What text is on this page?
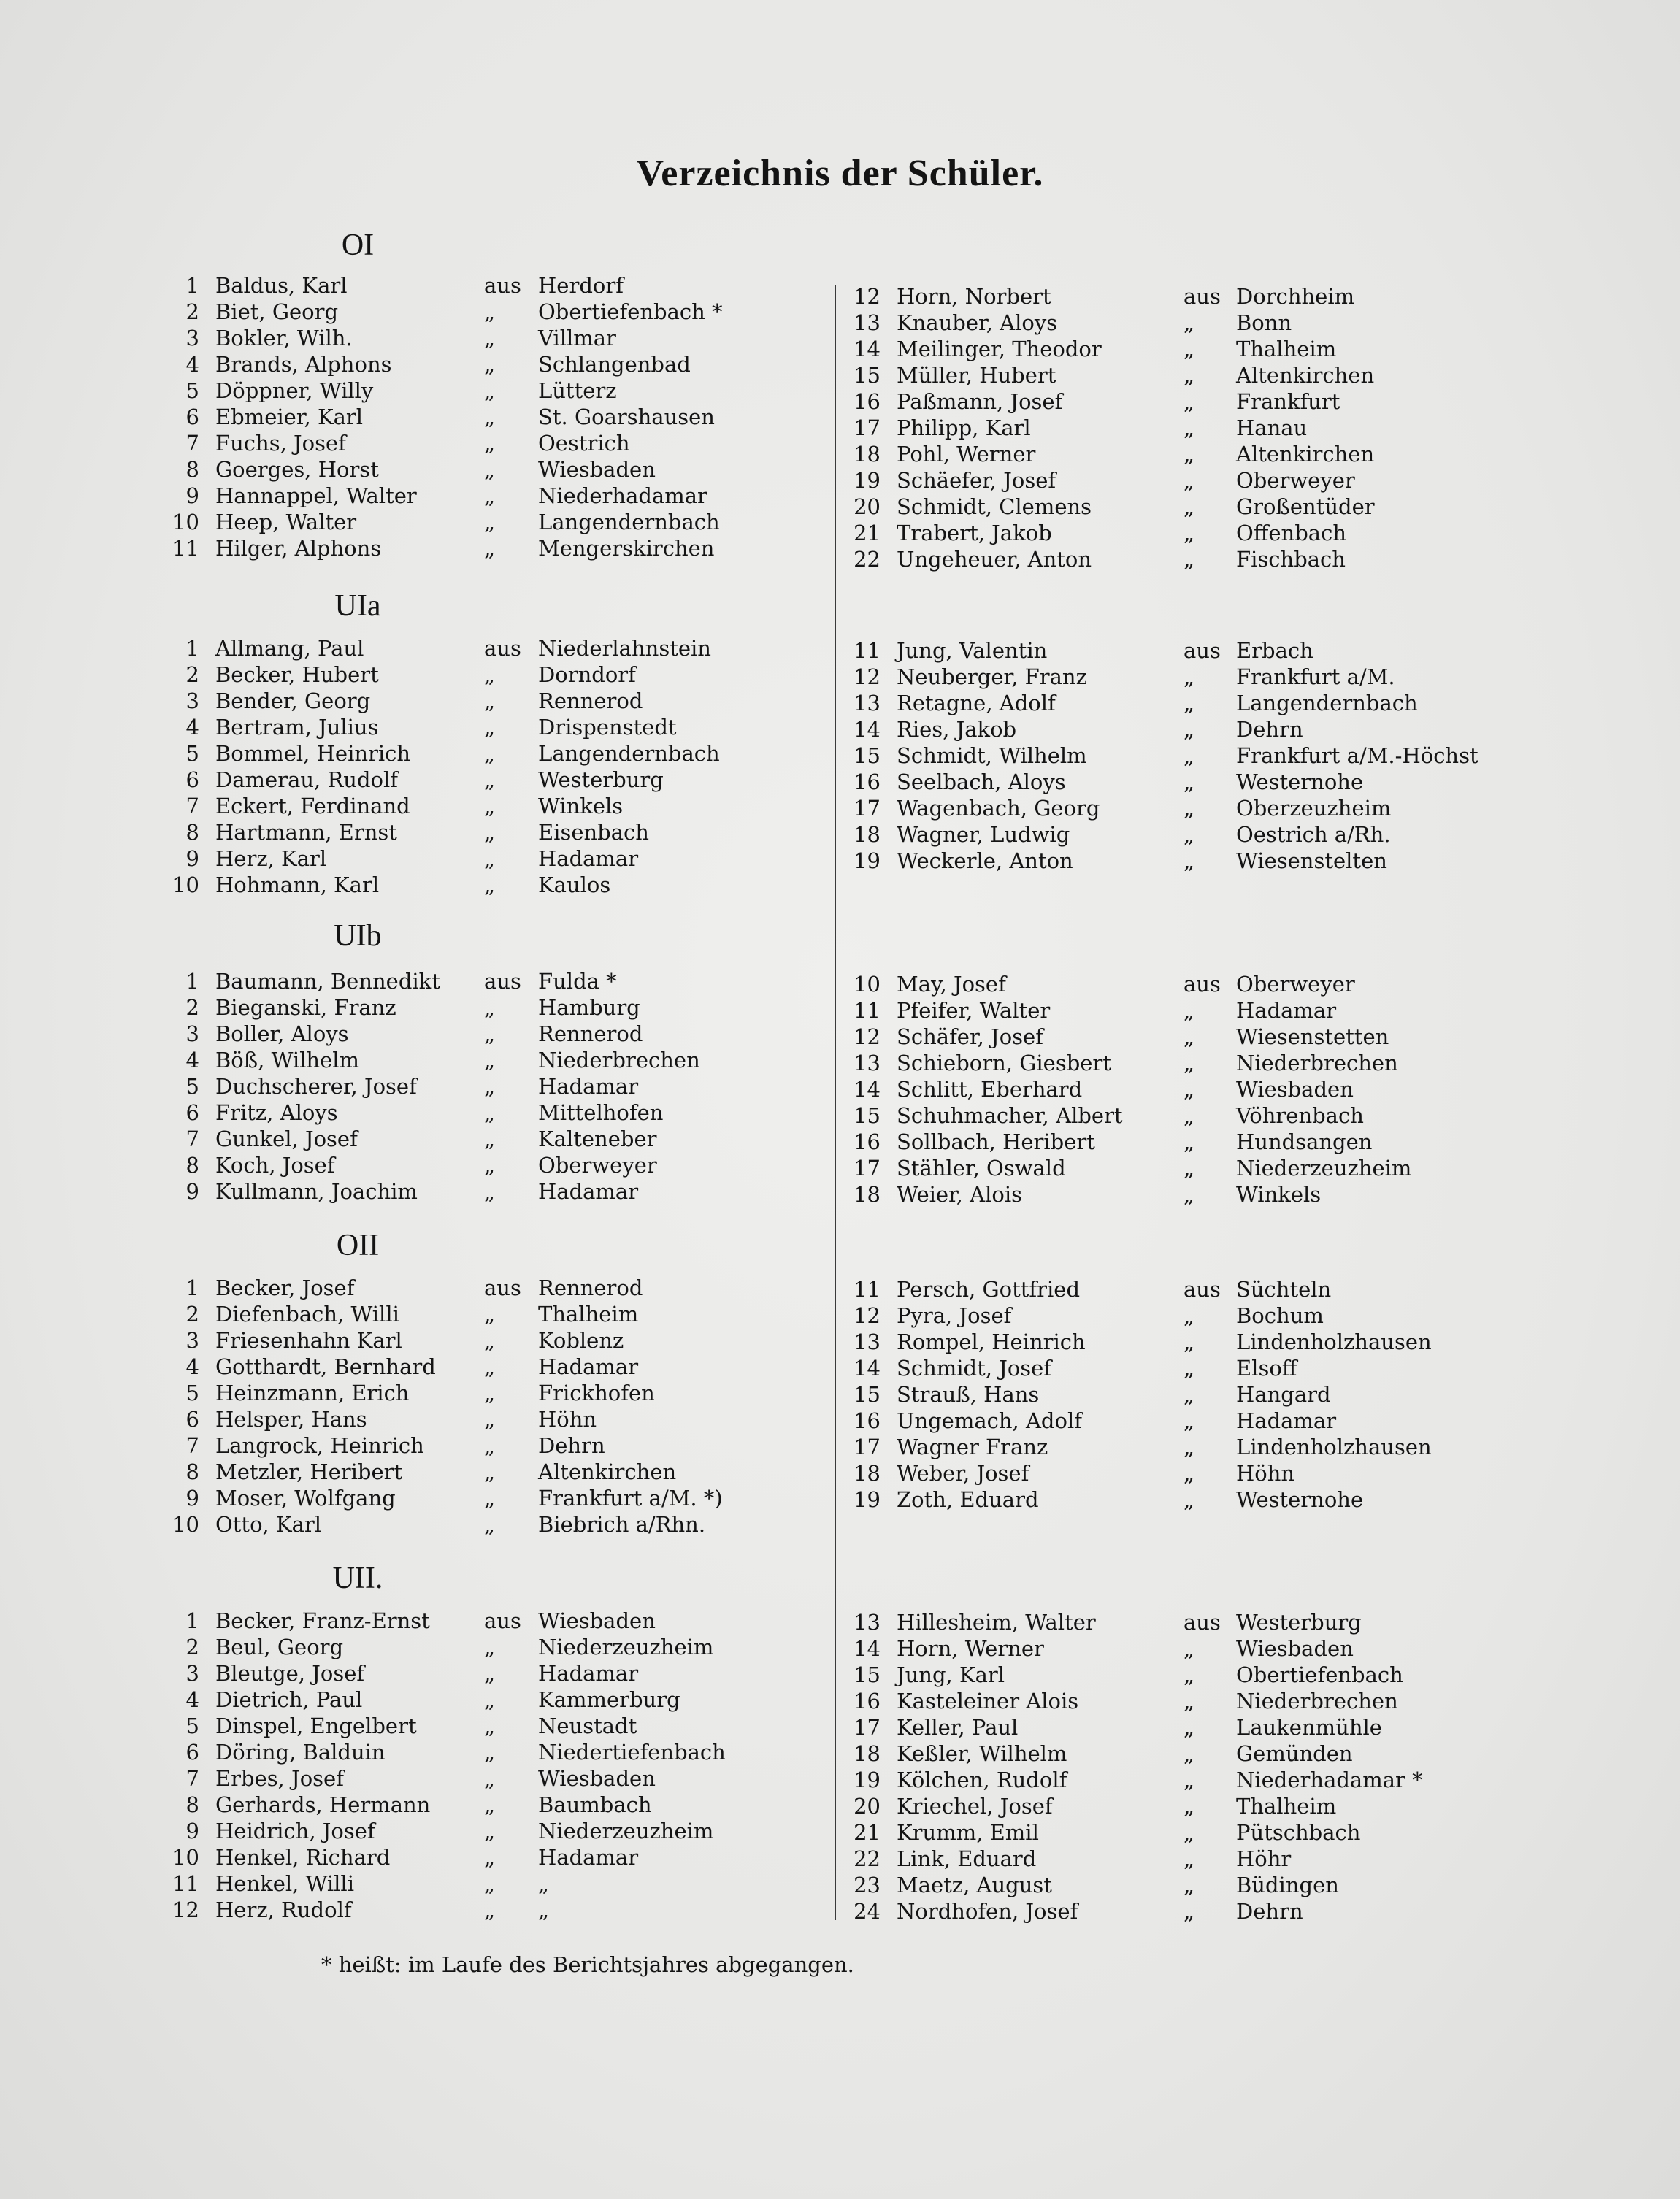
Verzeichnis der Schüler.
OI
1 Baldus, Karl	aus Herdorf
2 Biet, Georg	„ Obertiefenbach *
3 Bokler, Wilh.	„ Villmar
4 Brands, Alphons	„ Schlangenbad
5 Döppner, Willy	„ Lütterz
6 Ebmeier, Karl	„ St. Goarshausen
7 Fuchs, Josef	„ Oestrich
8 Goerges, Horst	„ Wiesbaden
9 Hannappel, Walter	„ Niederhadamar
10 Heep, Walter	„ Langendernbach
11 Hilger, Alphons	„ Mengerskirchen
12 Horn, Norbert	aus Dorchheim
13 Knauber, Aloys	„ Bonn
14 Meilinger, Theodor	„ Thalheim
15 Müller, Hubert	„ Altenkirchen
16 Paßmann, Josef	„ Frankfurt
17 Philipp, Karl	„ Hanau
18 Pohl, Werner	„ Altenkirchen
19 Schäefer, Josef	„ Oberweyer
20 Schmidt, Clemens	„ Großentüder
21 Trabert, Jakob	„ Offenbach
22 Ungeheuer, Anton	„ Fischbach
UIa
1 Allmang, Paul	aus Niederlahnstein
2 Becker, Hubert	„ Dorndorf
3 Bender, Georg	„ Rennerod
4 Bertram, Julius	„ Drispenstedt
5 Bommel, Heinrich	„ Langendernbach
6 Damerau, Rudolf	„ Westerburg
7 Eckert, Ferdinand	„ Winkels
8 Hartmann, Ernst	„ Eisenbach
9 Herz, Karl	„ Hadamar
10 Hohmann, Karl	„ Kaulos
11 Jung, Valentin	aus Erbach
12 Neuberger, Franz	„ Frankfurt a/M.
13 Retagne, Adolf	„ Langendernbach
14 Ries, Jakob	„ Dehrn
15 Schmidt, Wilhelm	„ Frankfurt a/M.-Höchst
16 Seelbach, Aloys	„ Westernohe
17 Wagenbach, Georg	„ Oberzeuzheim
18 Wagner, Ludwig	„ Oestrich a/Rh.
19 Weckerle, Anton	„ Wiesenstelten
UIb
1 Baumann, Bennedikt aus Fulda *
2 Bieganski, Franz	„ Hamburg
3 Boller, Aloys	„ Rennerod
4 Böß, Wilhelm	„ Niederbrechen
5 Duchscherer, Josef	„ Hadamar
6 Fritz, Aloys	„ Mittelhofen
7 Gunkel, Josef	„ Kalteneber
8 Koch, Josef	„ Oberweyer
9 Kullmann, Joachim	„ Hadamar
10 May, Josef	aus Oberweyer
11 Pfeifer, Walter	„ Hadamar
12 Schäfer, Josef	„ Wiesenstetten
13 Schieborn, Giesbert	„ Niederbrechen
14 Schlitt, Eberhard	„ Wiesbaden
15 Schuhmacher, Albert	„ Vöhrenbach
16 Sollbach, Heribert	„ Hundsangen
17 Stähler, Oswald	„ Niederzeuzheim
18 Weier, Alois	„ Winkels
OII
1 Becker, Josef	aus Rennerod
2 Diefenbach, Willi	„ Thalheim
3 Friesenhahn Karl	„ Koblenz
4 Gotthardt, Bernhard „ Hadamar
5 Heinzmann, Erich	„ Frickhofen
6 Helsper, Hans	„ Höhn
7 Langrock, Heinrich	„ Dehrn
8 Metzler, Heribert	„ Altenkirchen
9 Moser, Wolfgang	„ Frankfurt a/M. *)
10 Otto, Karl	„ Biebrich a/Rhn.
11 Persch, Gottfried	aus Süchteln
12 Pyra, Josef	„ Bochum
13 Rompel, Heinrich	„ Lindenholzhausen
14 Schmidt, Josef	„ Elsoff
15 Strauß, Hans	„ Hangard
16 Ungemach, Adolf	„ Hadamar
17 Wagner Franz	„ Lindenholzhausen
18 Weber, Josef	„ Höhn
19 Zoth, Eduard	„ Westernohe
UII.
1 Becker, Franz-Ernst	aus Wiesbaden
2 Beul, Georg	„ Niederzeuzheim
3 Bleutge, Josef	„ Hadamar
4 Dietrich, Paul	„ Kammerburg
5 Dinspel, Engelbert	„ Neustadt
6 Döring, Balduin	„ Niedertiefenbach
7 Erbes, Josef	„ Wiesbaden
8 Gerhards, Hermann	„ Baumbach
9 Heidrich, Josef	„ Niederzeuzheim
10 Henkel, Richard	„ Hadamar
11 Henkel, Willi	„ „
12 Herz, Rudolf	„ „
13 Hillesheim, Walter	aus Westerburg
14 Horn, Werner	„ Wiesbaden
15 Jung, Karl	„ Obertiefenbach
16 Kasteleiner Alois	„ Niederbrechen
17 Keller, Paul	„ Laukenmühle
18 Keßler, Wilhelm	„ Gemünden
19 Kölchen, Rudolf	„ Niederhadamar *
20 Kriechel, Josef	„ Thalheim
21 Krumm, Emil	„ Pütschbach
22 Link, Eduard	„ Höhr
23 Maetz, August	„ Büdingen
24 Nordhofen, Josef	„ Dehrn
* heißt: im Laufe des Berichtsjahres abgegangen.
